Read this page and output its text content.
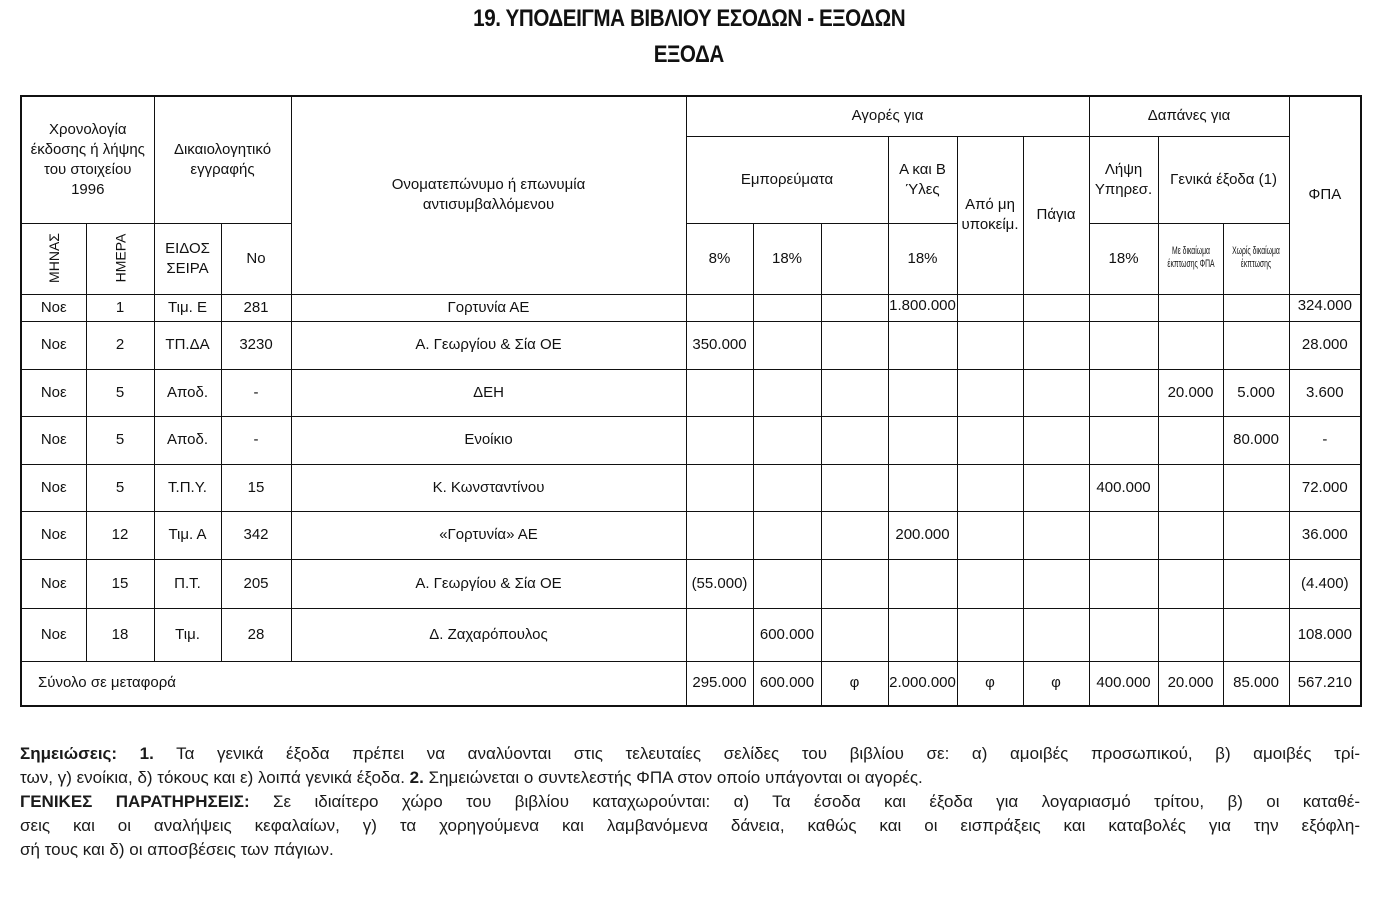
19. ΥΠΟΔΕΙΓΜΑ ΒΙΒΛΙΟΥ ΕΣΟΔΩΝ - ΕΞΟΔΩΝ
ΕΞΟΔΑ
Χρονολογία έκδοσης ή λήψης του στοιχείου 1996		Δικαιολογητικό εγγραφής		Ονοματεπώνυμο ή επωνυμία αντισυμβαλλόμενου	Αγορές για						Δαπάνες για			ΦΠΑ
					Εμπορεύματα			Α και Β Ύλες	Από μη υποκείμ.	Πάγια	Λήψη Υπηρεσ.	Γενικά έξοδα (1)		
ΜΗΝΑΣ	ΗΜΕΡΑ	ΕΙΔΟΣ ΣΕΙΡΑ	Νο		8%	18%		18%			18%	Με δικαίωμα έκπτωσης ΦΠΑ	Χωρίς δικαίωμα έκπτωσης	
Νοε	1	Τιμ. Ε	281	Γορτυνία ΑΕ				1.800.000						324.000
Νοε	2	ΤΠ.ΔΑ	3230	Α. Γεωργίου & Σία ΟΕ	350.000									28.000
Νοε	5	Αποδ.	-	ΔΕΗ								20.000	5.000	3.600
Νοε	5	Αποδ.	-	Ενοίκιο									80.000	-
Νοε	5	Τ.Π.Υ.	15	Κ. Κωνσταντίνου							400.000			72.000
Νοε	12	Τιμ. Α	342	«Γορτυνία» ΑΕ				200.000						36.000
Νοε	15	Π.Τ.	205	Α. Γεωργίου & Σία ΟΕ	(55.000)									(4.400)
Νοε	18	Τιμ.	28	Δ. Ζαχαρόπουλος		600.000								108.000
Σύνολο σε μεταφορά					295.000	600.000	φ	2.000.000	φ	φ	400.000	20.000	85.000	567.210
Σημειώσεις: 1. Τα γενικά έξοδα πρέπει να αναλύονται στις τελευταίες σελίδες του βιβλίου σε: α) αμοιβές προσωπικού, β) αμοιβές τρί-
των, γ) ενοίκια, δ) τόκους και ε) λοιπά γενικά έξοδα. 2. Σημειώνεται ο συντελεστής ΦΠΑ στον οποίο υπάγονται οι αγορές.
ΓΕΝΙΚΕΣ ΠΑΡΑΤΗΡΗΣΕΙΣ: Σε ιδιαίτερο χώρο του βιβλίου καταχωρούνται: α) Τα έσοδα και έξοδα για λογαριασμό τρίτου, β) οι καταθέ-
σεις και οι αναλήψεις κεφαλαίων, γ) τα χορηγούμενα και λαμβανόμενα δάνεια, καθώς και οι εισπράξεις και καταβολές για την εξόφλη-
σή τους και δ) οι αποσβέσεις των πάγιων.
